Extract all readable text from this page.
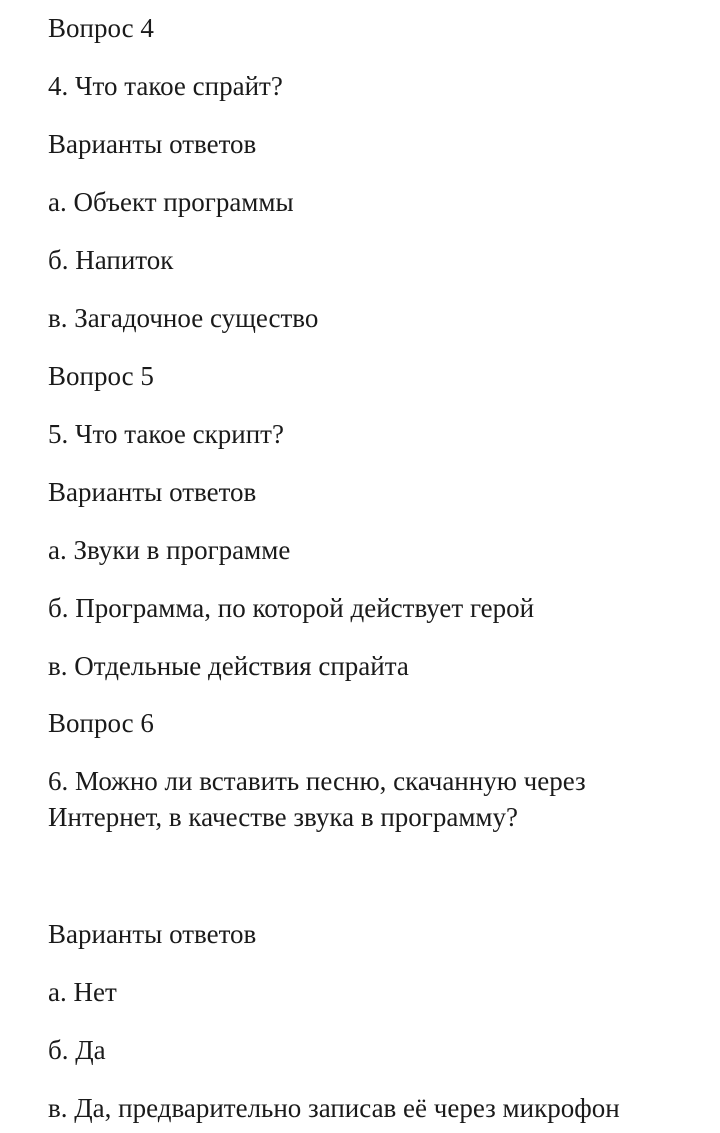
Вопрос 4
4. Что такое спрайт?
Варианты ответов
а. Объект программы
б. Напиток
в. Загадочное существо
Вопрос 5
5. Что такое скрипт?
Варианты ответов
а. Звуки в программе
б. Программа, по которой действует герой
в. Отдельные действия спрайта
Вопрос 6
6. Можно ли вставить песню, скачанную через Интернет, в качестве звука в программу?
Варианты ответов
а. Нет
б. Да
в. Да, предварительно записав её через микрофон
